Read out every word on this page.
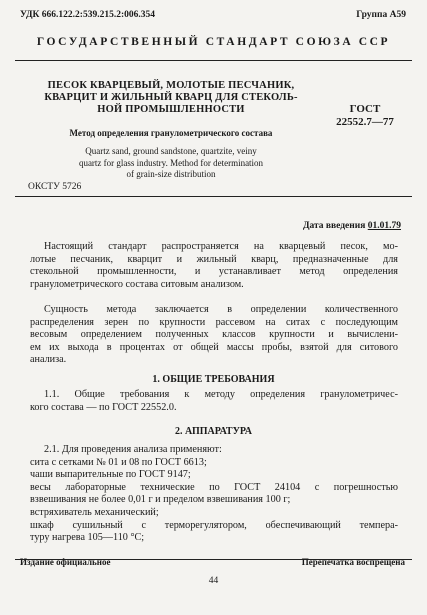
УДК 666.122.2:539.215.2:006.354	Группа А59
ГОСУДАРСТВЕННЫЙ СТАНДАРТ СОЮЗА ССР
ПЕСОК КВАРЦЕВЫЙ, МОЛОТЫЕ ПЕСЧАНИК,
КВАРЦИТ И ЖИЛЬНЫЙ КВАРЦ ДЛЯ СТЕКОЛЬ-
НОЙ ПРОМЫШЛЕННОСТИ
Метод определения гранулометрического состава
Quartz sand, ground sandstone, quartzite, veiny
quartz for glass industry. Method for determination
of grain-size distribution
ГОСТ
22552.7—77
ОКСТУ 5726
Дата введения 01.01.79
Настоящий стандарт распространяется на кварцевый песок, мо-
лотые песчаник, кварцит и жильный кварц, предназначенные для
стекольной промышленности, и устанавливает метод определения
гранулометрического состава ситовым анализом.
Сущность метода заключается в определении количественного
распределения зерен по крупности рассевом на ситах с последующим
весовым определением полученных классов крупности и вычислени-
ем их выхода в процентах от общей массы пробы, взятой для ситового
анализа.
1. ОБЩИЕ ТРЕБОВАНИЯ
1.1. Общие требования к методу определения гранулометричес-
кого состава — по ГОСТ 22552.0.
2. АППАРАТУРА
2.1. Для проведения анализа применяют:
сита с сетками № 01 и 08 по ГОСТ 6613;
чаши выпарительные по ГОСТ 9147;
весы лабораторные технические по ГОСТ 24104 с погрешностью
взвешивания не более 0,01 г и пределом взвешивания 100 г;
встряхиватель механический;
шкаф сушильный с терморегулятором, обеспечивающий темпера-
туру нагрева 105—110 °С;
Издание официальное	Перепечатка воспрещена
44
